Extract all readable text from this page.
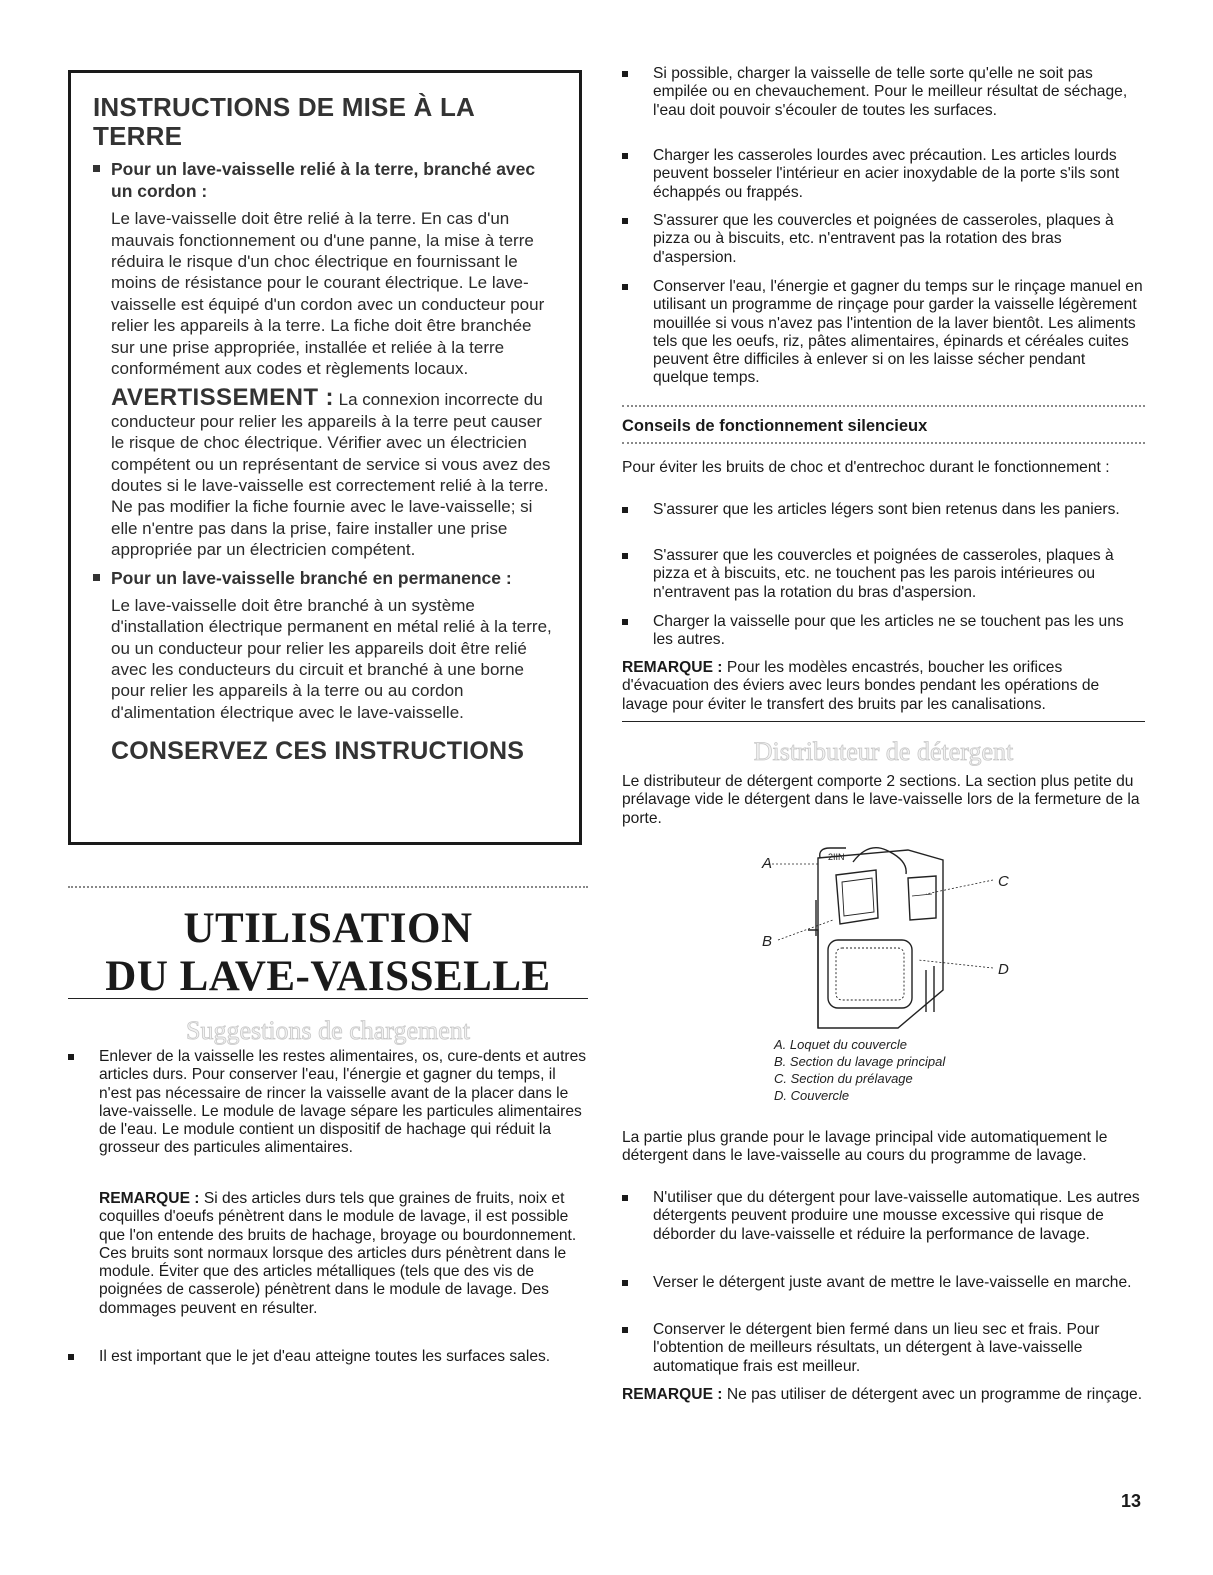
INSTRUCTIONS DE MISE À LA TERRE
Pour un lave-vaisselle relié à la terre, branché avec un cordon :
Le lave-vaisselle doit être relié à la terre. En cas d'un mauvais fonctionnement ou d'une panne, la mise à terre réduira le risque d'un choc électrique en fournissant le moins de résistance pour le courant électrique. Le lave-vaisselle est équipé d'un cordon avec un conducteur pour relier les appareils à la terre. La fiche doit être branchée sur une prise appropriée, installée et reliée à la terre conformément aux codes et règlements locaux.
AVERTISSEMENT : La connexion incorrecte du conducteur pour relier les appareils à la terre peut causer le risque de choc électrique. Vérifier avec un électricien compétent ou un représentant de service si vous avez des doutes si le lave-vaisselle est correctement relié à la terre. Ne pas modifier la fiche fournie avec le lave-vaisselle; si elle n'entre pas dans la prise, faire installer une prise appropriée par un électricien compétent.
Pour un lave-vaisselle branché en permanence :
Le lave-vaisselle doit être branché à un système d'installation électrique permanent en métal relié à la terre, ou un conducteur pour relier les appareils doit être relié avec les conducteurs du circuit et branché à une borne pour relier les appareils à la terre ou au cordon d'alimentation électrique avec le lave-vaisselle.
CONSERVEZ CES INSTRUCTIONS
UTILISATION
DU LAVE-VAISSELLE
Suggestions de chargement
Enlever de la vaisselle les restes alimentaires, os, cure-dents et autres articles durs. Pour conserver l'eau, l'énergie et gagner du temps, il n'est pas nécessaire de rincer la vaisselle avant de la placer dans le lave-vaisselle. Le module de lavage sépare les particules alimentaires de l'eau. Le module contient un dispositif de hachage qui réduit la grosseur des particules alimentaires.
REMARQUE : Si des articles durs tels que graines de fruits, noix et coquilles d'oeufs pénètrent dans le module de lavage, il est possible que l'on entende des bruits de hachage, broyage ou bourdonnement. Ces bruits sont normaux lorsque des articles durs pénètrent dans le module. Éviter que des articles métalliques (tels que des vis de poignées de casserole) pénètrent dans le module de lavage. Des dommages peuvent en résulter.
Il est important que le jet d'eau atteigne toutes les surfaces sales.
Si possible, charger la vaisselle de telle sorte qu'elle ne soit pas empilée ou en chevauchement. Pour le meilleur résultat de séchage, l'eau doit pouvoir s'écouler de toutes les surfaces.
Charger les casseroles lourdes avec précaution. Les articles lourds peuvent bosseler l'intérieur en acier inoxydable de la porte s'ils sont échappés ou frappés.
S'assurer que les couvercles et poignées de casseroles, plaques à pizza ou à biscuits, etc. n'entravent pas la rotation des bras d'aspersion.
Conserver l'eau, l'énergie et gagner du temps sur le rinçage manuel en utilisant un programme de rinçage pour garder la vaisselle légèrement mouillée si vous n'avez pas l'intention de la laver bientôt. Les aliments tels que les oeufs, riz, pâtes alimentaires, épinards et céréales cuites peuvent être difficiles à enlever si on les laisse sécher pendant quelque temps.
Conseils de fonctionnement silencieux
Pour éviter les bruits de choc et d'entrechoc durant le fonctionnement :
S'assurer que les articles légers sont bien retenus dans les paniers.
S'assurer que les couvercles et poignées de casseroles, plaques à pizza et à biscuits, etc. ne touchent pas les parois intérieures ou n'entravent pas la rotation du bras d'aspersion.
Charger la vaisselle pour que les articles ne se touchent pas les uns les autres.
REMARQUE : Pour les modèles encastrés, boucher les orifices d'évacuation des éviers avec leurs bondes pendant les opérations de lavage pour éviter le transfert des bruits par les canalisations.
Distributeur de détergent
Le distributeur de détergent comporte 2 sections. La section plus petite du prélavage vide le détergent dans le lave-vaisselle lors de la fermeture de la porte.
2IIN
A
B
C
D
A. Loquet du couvercle
B. Section du lavage principal
C. Section du prélavage
D. Couvercle
La partie plus grande pour le lavage principal vide automatiquement le détergent dans le lave-vaisselle au cours du programme de lavage.
N'utiliser que du détergent pour lave-vaisselle automatique. Les autres détergents peuvent produire une mousse excessive qui risque de déborder du lave-vaisselle et réduire la performance de lavage.
Verser le détergent juste avant de mettre le lave-vaisselle en marche.
Conserver le détergent bien fermé dans un lieu sec et frais. Pour l'obtention de meilleurs résultats, un détergent à lave-vaisselle automatique frais est meilleur.
REMARQUE : Ne pas utiliser de détergent avec un programme de rinçage.
13
